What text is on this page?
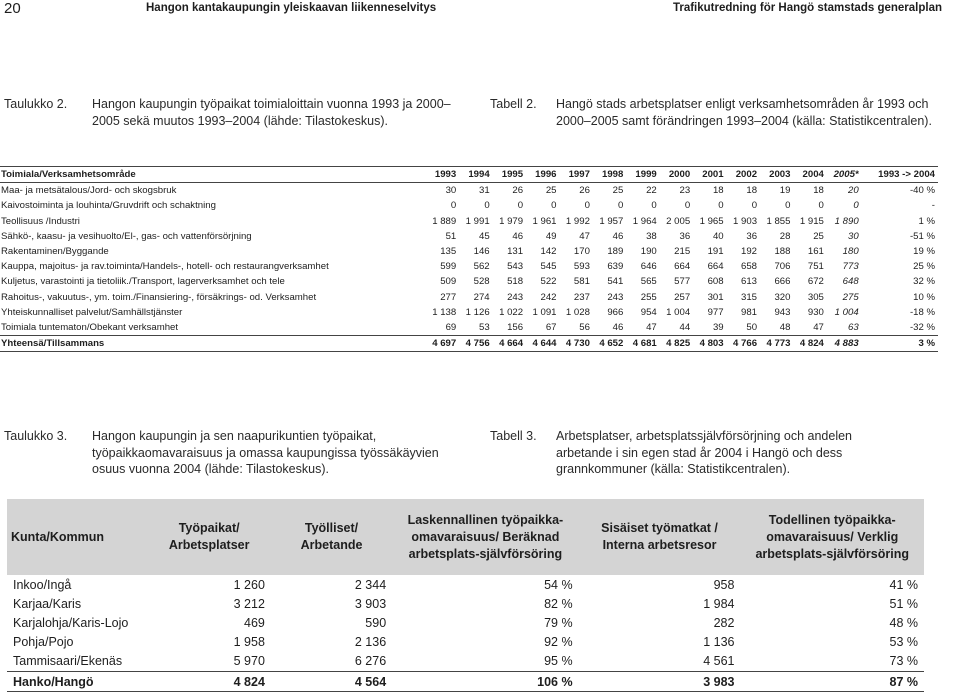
20	Hangon kantakaupungin yleiskaavan liikenneselvitys	Trafikutredning för Hangö stamstads generalplan
Taulukko 2. Hangon kaupungin työpaikat toimialoittain vuonna 1993 ja 2000–2005 sekä muutos 1993–2004 (lähde: Tilastokeskus).
Tabell 2. Hangö stads arbetsplatser enligt verksamhetsområden år 1993 och 2000–2005 samt förändringen 1993–2004 (källa: Statistikcentralen).
Toimiala/Verksamhetsområde	1993	1994	1995	1996	1997	1998	1999	2000	2001	2002	2003	2004	2005*	1993 -> 2004
Maa- ja metsätalous/Jord- och skogsbruk	30	31	26	25	26	25	22	23	18	18	19	18	20	-40 %
Kaivostoiminta ja louhinta/Gruvdrift och schaktning	0	0	0	0	0	0	0	0	0	0	0	0	0	-
Teollisuus /Industri	1 889	1 991	1 979	1 961	1 992	1 957	1 964	2 005	1 965	1 903	1 855	1 915	1 890	1 %
Sähkö-, kaasu- ja vesihuolto/El-, gas- och vattenförsörjning	51	45	46	49	47	46	38	36	40	36	28	25	30	-51 %
Rakentaminen/Byggande	135	146	131	142	170	189	190	215	191	192	188	161	180	19 %
Kauppa, majoitus- ja rav.toiminta/Handels-, hotell- och restaurangverksamhet	599	562	543	545	593	639	646	664	664	658	706	751	773	25 %
Kuljetus, varastointi ja tietoliik./Transport, lagerverksamhet och tele	509	528	518	522	581	541	565	577	608	613	666	672	648	32 %
Rahoitus-, vakuutus-, ym. toim./Finansiering-, försäkrings- od. Verksamhet	277	274	243	242	237	243	255	257	301	315	320	305	275	10 %
Yhteiskunnalliset palvelut/Samhällstjänster	1 138	1 126	1 022	1 091	1 028	966	954	1 004	977	981	943	930	1 004	-18 %
Toimiala tuntematon/Obekant verksamhet	69	53	156	67	56	46	47	44	39	50	48	47	63	-32 %
Yhteensä/Tillsammans	4 697	4 756	4 664	4 644	4 730	4 652	4 681	4 825	4 803	4 766	4 773	4 824	4 883	3 %
Taulukko 3. Hangon kaupungin ja sen naapurikuntien työpaikat, työpaikkaomavaraisuus ja omassa kaupungissa työssäkäyvien osuus vuonna 2004 (lähde: Tilastokeskus).
Tabell 3. Arbetsplatser, arbetsplatssjälvförsörjning och andelen arbetande i sin egen stad år 2004 i Hangö och dess grannkommuner (källa: Statistikcentralen).
Kunta/Kommun	Työpaikat/ Arbetsplatser	Työlliset/ Arbetande	Laskennallinen työpaikka-omavaraisuus/ Beräknad arbetsplats-självförsöring	Sisäiset työmatkat / Interna arbetsresor	Todellinen työpaikka-omavaraisuus/ Verklig arbetsplats-självförsöring
Inkoo/Ingå	1 260	2 344	54 %	958	41 %
Karjaa/Karis	3 212	3 903	82 %	1 984	51 %
Karjalohja/Karis-Lojo	469	590	79 %	282	48 %
Pohja/Pojo	1 958	2 136	92 %	1 136	53 %
Tammisaari/Ekenäs	5 970	6 276	95 %	4 561	73 %
Hanko/Hangö	4 824	4 564	106 %	3 983	87 %
